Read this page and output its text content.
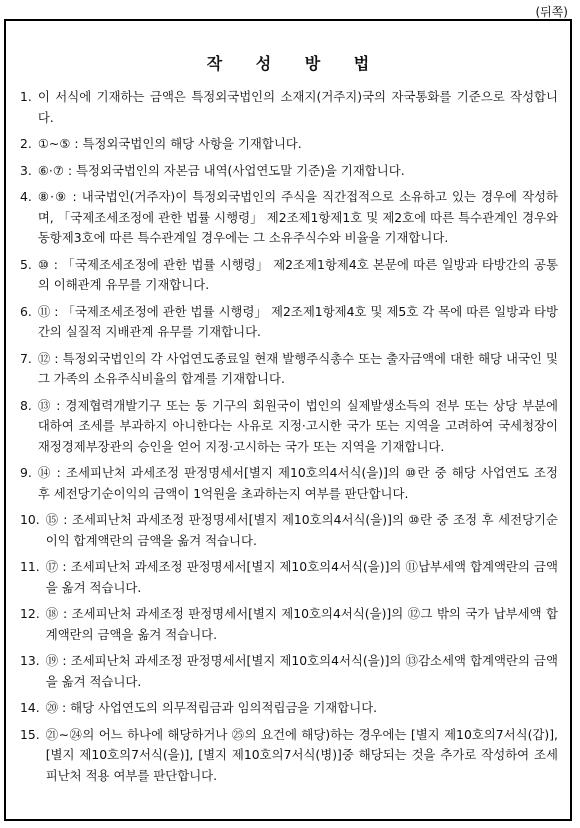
(뒤쪽)
작 성 방 법
1. 이 서식에 기재하는 금액은 특정외국법인의 소재지(거주지)국의 자국통화를 기준으로 작성합니다.
2. ①~⑤ : 특정외국법인의 해당 사항을 기재합니다.
3. ⑥·⑦ : 특정외국법인의 자본금 내역(사업연도말 기준)을 기재합니다.
4. ⑧·⑨ : 내국법인(거주자)이 특정외국법인의 주식을 직간접적으로 소유하고 있는 경우에 작성하며, 「국제조세조정에 관한 법률 시행령」 제2조제1항제1호 및 제2호에 따른 특수관계인 경우와 동항제3호에 따른 특수관계일 경우에는 그 소유주식수와 비율을 기재합니다.
5. ⑩ : 「국제조세조정에 관한 법률 시행령」 제2조제1항제4호 본문에 따른 일방과 타방간의 공통의 이해관계 유무를 기재합니다.
6. ⑪ : 「국제조세조정에 관한 법률 시행령」 제2조제1항제4호 및 제5호 각 목에 따른 일방과 타방간의 실질적 지배관계 유무를 기재합니다.
7. ⑫ : 특정외국법인의 각 사업연도종료일 현재 발행주식총수 또는 출자금액에 대한 해당 내국인 및 그 가족의 소유주식비율의 합계를 기재합니다.
8. ⑬ : 경제협력개발기구 또는 동 기구의 회원국이 법인의 실제발생소득의 전부 또는 상당 부분에 대하여 조세를 부과하지 아니한다는 사유로 지정·고시한 국가 또는 지역을 고려하여 국세청장이 재정경제부장관의 승인을 얻어 지정·고시하는 국가 또는 지역을 기재합니다.
9. ⑭ : 조세피난처 과세조정 판정명세서[별지 제10호의4서식(을)]의 ⑩란 중 해당 사업연도 조정 후 세전당기순이익의 금액이 1억원을 초과하는지 여부를 판단합니다.
10. ⑮ : 조세피난처 과세조정 판정명세서[별지 제10호의4서식(을)]의 ⑩란 중 조정 후 세전당기순이익 합계액란의 금액을 옮겨 적습니다.
11. ⑰ : 조세피난처 과세조정 판정명세서[별지 제10호의4서식(을)]의 ⑪납부세액 합계액란의 금액을 옮겨 적습니다.
12. ⑱ : 조세피난처 과세조정 판정명세서[별지 제10호의4서식(을)]의 ⑫그 밖의 국가 납부세액 합계액란의 금액을 옮겨 적습니다.
13. ⑲ : 조세피난처 과세조정 판정명세서[별지 제10호의4서식(을)]의 ⑬감소세액 합계액란의 금액을 옮겨 적습니다.
14. ⑳ : 해당 사업연도의 의무적립금과 임의적립금을 기재합니다.
15. ㉑∼㉔의 어느 하나에 해당하거나 ㉕의 요건에 해당)하는 경우에는 [별지 제10호의7서식(갑)], [별지 제10호의7서식(을)], [별지 제10호의7서식(병)]중 해당되는 것을 추가로 작성하여 조세피난처 적용 여부를 판단합니다.
